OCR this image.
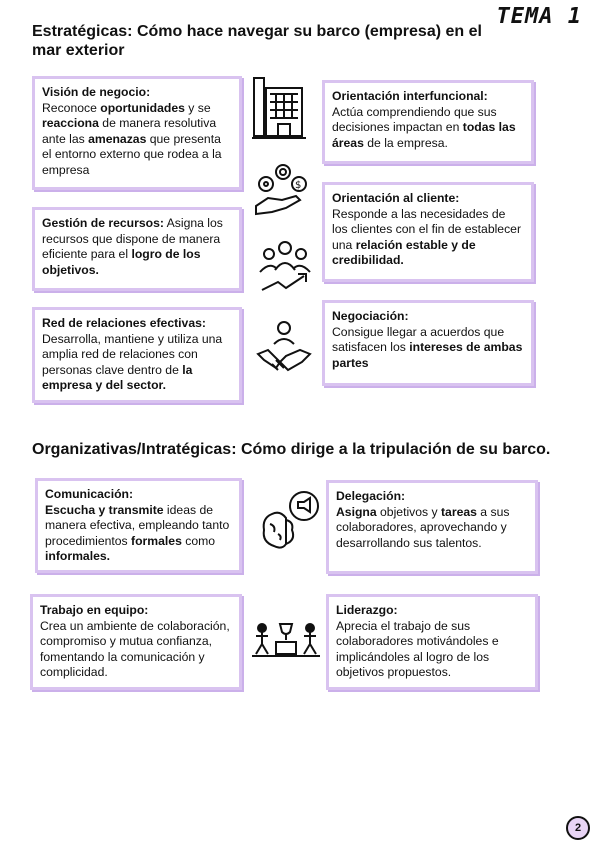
TEMA 1
Estratégicas: Cómo hace navegar su barco (empresa) en el mar exterior
Visión de negocio:
Reconoce oportunidades y se reacciona de manera resolutiva ante las amenazas que presenta el entorno externo que rodea a la empresa
Gestión de recursos: Asigna los recursos que dispone de manera eficiente para el logro de los objetivos.
Red de relaciones efectivas:
Desarrolla, mantiene y utiliza una amplia red de relaciones con personas clave dentro de la empresa y del sector.
Orientación interfuncional:
Actúa comprendiendo que sus decisiones impactan en todas las áreas de la empresa.
Orientación al cliente:
Responde a las necesidades de los clientes con el fin de establecer una relación estable y de credibilidad.
Negociación:
Consigue llegar a acuerdos que satisfacen los intereses de ambas partes
$
Organizativas/Intratégicas: Cómo dirige a la tripulación de su barco.
Comunicación:
Escucha y transmite ideas de manera efectiva, empleando tanto procedimientos formales como informales.
Delegación:
Asigna objetivos y tareas a sus colaboradores, aprovechando y desarrollando sus talentos.
Trabajo en equipo:
Crea un ambiente de colaboración, compromiso y mutua confianza, fomentando la comunicación y complicidad.
Liderazgo:
Aprecia el trabajo de sus colaboradores motivándoles e implicándoles al logro de los objetivos propuestos.
2
